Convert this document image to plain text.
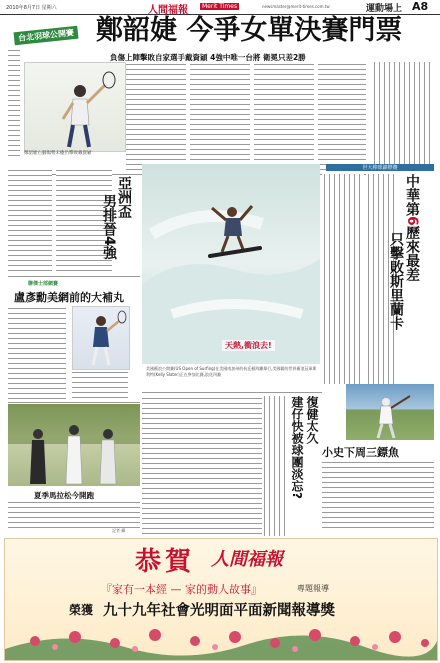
2010年8月7日 星期六	人間福報	Merit Times	newsmaster@merit-times.com.tw	運動場上 A8
台北羽球公開賽 鄭韶婕 今爭女單決賽門票
負傷上陣擊敗自家選手戴資穎 4強中唯一台將 衛冕只差2勝
鄭韶婕右腳傷勢未癒仍擊敗戴資穎
亞洲盃
男排晉4強
天熱,衝浪去!
美國衝浪公開賽(US Open of Surfing)在美國南加州的杭廷頓海灘舉行,美國籍的世界衝浪冠軍斯利特(Kelly Slater)正在參加比賽,浪花四濺
聯傑士部網賽
盧彥勳美網前的大補丸
夏季馬拉松今開跑
記者 攝
世大棒球錦標賽
中華第6歷來最差
只擊敗斯里蘭卡
小史下周三鏢魚
復健太久
建仔快被球團淡忘?
恭 賀 人間福報
『家有一本經 — 家的動人故事』	專題報導
榮獲 九十九年社會光明面平面新聞報導獎
